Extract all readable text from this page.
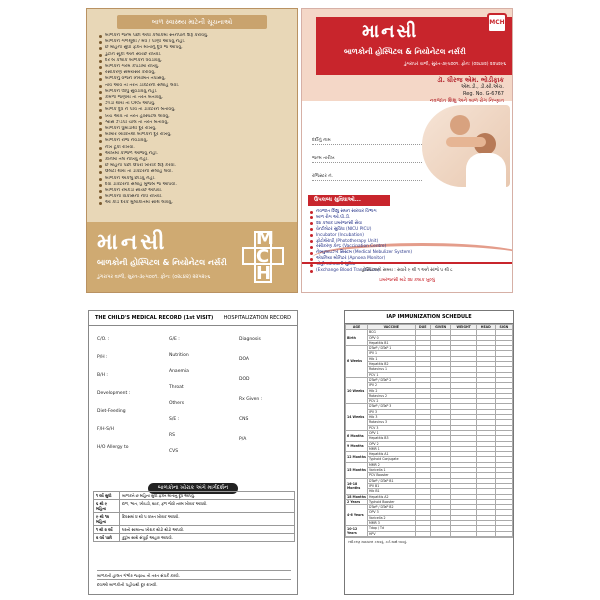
બાળ સ્વાસ્થ્ય માટેની સૂચનાઓ
બાળકને જન્મ પછી અર્ધો કલાકમાં સ્તનપાન શરૂ કરાવવું.
બાળકને ગળથૂથી / મધ / પાણી આપવું નહીં.
છ મહિના સુધી ફક્ત માતાનું દૂધ જ આપવું.
ડુંટીને સૂકી અને સ્વચ્છ રાખવી.
દર બે કલાકે બાળકને ધવડાવવું.
બાળકને ગરમ કપડામાં રાખવું.
રસીકરણ સમયસર કરાવવું.
બાળકનું વજન નિયમિત તપાસવું.
તાવ આવે તો તરત ડૉક્ટરની સલાહ લેવી.
બાળકને ઊંધું સુવડાવવું નહીં.
કમળો જણાય તો તરત બતાવવું.
ઝાડા થાય તો ORS આપવું.
બાળક દૂધ ન પીવે તો ડૉક્ટરને બતાવવું.
ખેંચ આવે તો તરત હોસ્પિટલ લાવવું.
શ્વાસ ઝડપી ચાલે તો તરત બતાવવું.
બાળકને ધુમાડાથી દૂર રાખવું.
બીમાર વ્યક્તિથી બાળકને દૂર રાખવું.
બાળકને રોજ નવડાવવું.
નખ ટૂંકા રાખવા.
આંખમાં કાજળ આંજવું નહીં.
કાનમાં તેલ નાખવું નહીં.
છ મહિના પછી ઉપરી ખોરાક શરૂ કરવો.
ઉલટી થાય તો ડૉક્ટરની સલાહ લેવી.
બાળકને એકલું છોડવું નહીં.
દવા ડૉક્ટરની સલાહ મુજબ જ આપવી.
બાળકને રમકડાં સ્વચ્છ આપવા.
બાળકના વિકાસની નોંધ રાખવી.
આ કાર્ડ દરેક મુલાકાતમાં સાથે લાવવું.
માનસી
બાળકોની હોસ્પિટલ & નિયોનેટલ નર્સરી
ડુંગરાપર વાળી, સુરત-૩૯૫૦૦૧. ફોન: (૦૨૮૪૨) ૨૨૫૨૯૬
M
C
H
MCH
માનસી
બાળકોની હોસ્પિટલ & નિયોનેટલ નર્સરી
ડુંગરાપર વાળી, સુરત-૩૯૫૦૦૧. ફોન: (૦૨૮૪૨) ૨૨૫૨૯૬
ડૉ. ધીરજ એમ. ભોડીફાક
એમ.ડી., ડી.સી.એચ.
Reg. No. G-6767
નવજાત શિશુ અને બાળ રોગ નિષ્ણાત
દર્દીનું નામ
જન્મ તારીખ
રજિસ્ટર નં.
ઉપલબ્ધ સુવિધાઓ...
નવજાત શિશુ સઘન સારવાર વિભાગ
બાળ રોગ ઓ.પી.ડી.
૨૪ કલાક ઇમરજન્સી સેવા
વેન્ટીલેટર સુવિધા (NICU PICU)
Incubator (Incubation)
ફોટોથેરાપી (Phototherapy Unit)
રસીકરણ કેન્દ્ર (Vaccination Centre)
નેબ્યુલાઇઝર સિસ્ટમ (Medical Nebulizer System)
એપનિયા મોનિટર (Apnoea Monitor)
લોહી બદલવાની સુવિધા
(Exchange Blood Transfusion)
હોસ્પિટલનો સમય : સવારે ૯ થી ૧ અને સાંજે ૫ થી ૮
ઇમરજન્સી માટે ૨૪ કલાક ખુલ્લું
THE CHILD'S MEDICAL RECORD (1st VISIT) HOSPITALIZATION RECORD
C/O. :
P/H :
B/H :
Development :
Diet-Feeding
F/H-S/H
H/O Allergy to
G/E :
Nutrition
Anaemia
Throat
Others
S/E :
RS
CVS
Diagnosis
DOA
DOD
Rx Given :
CNS
P/A
બાળકોના ખોરાક અંગે માર્ગદર્શન
૧ વર્ષ સુધી	બાળકને છ મહિના સુધી ફક્ત માતાનું દૂધ આપવું.
૬ થી ૯ મહિના	દાળ, ભાત, ખીચડી, શાક, ફળ જેવો નરમ ખોરાક આપવો.
૯ થી ૧૨ મહિના	દિવસમાં ૪ થી ૫ વખત ખોરાક આપવો.
૧ થી ૨ વર્ષ	ઘરનો સામાન્ય ખોરાક થોડો થોડો આપવો.
૨ વર્ષ પછી	કુટુંબ સાથે સંપૂર્ણ આહાર આપવો.
બાળકની હાલત ગંભીર જણાય તો તરત સંપર્ક કરવો.
દવાઓ બાળકોની પહોંચથી દૂર રાખવી.
IAP IMMUNIZATION SCHEDULE
AGE	VACCINE	DUE	GIVEN	WEIGHT	HEAD	SIGN
Birth	BCG					
	OPV 0					
	Hepatitis B1					
6 Weeks	DTwP / DTaP 1					
	IPV 1					
	Hib 1					
	Hepatitis B2					
	Rotavirus 1					
	PCV 1					
10 Weeks	DTwP / DTaP 2					
	IPV 2					
	Hib 2					
	Rotavirus 2					
	PCV 2					
14 Weeks	DTwP / DTaP 3					
	IPV 3					
	Hib 3					
	Rotavirus 3					
	PCV 3					
6 Months	OPV 1					
	Hepatitis B3					
9 Months	OPV 2					
	MMR 1					
12 Months	Hepatitis A1					
	Typhoid Conjugate					
15 Months	MMR 2					
	Varicella 1					
	PCV Booster					
16-18 Months	DTwP / DTaP B1					
	IPV B1					
	Hib B1					
18 Months	Hepatitis A2					
2 Years	Typhoid Booster					
4-6 Years	DTwP / DTaP B2					
	OPV 3					
	Varicella 2					
	MMR 3					
10-12 Years	Tdap / Td					
	HPV					
રસીકરણ સમયસર કરાવવું. કાર્ડ સાથે લાવવું.
